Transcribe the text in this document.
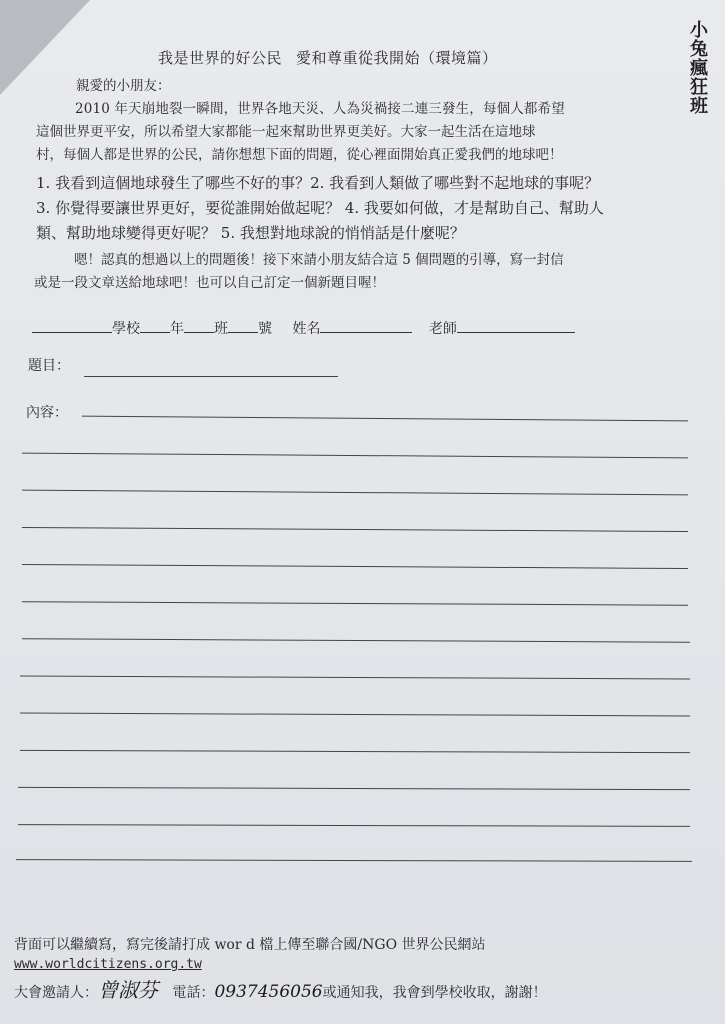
我是世界的好公民 愛和尊重從我開始（環境篇）	小兔瘋狂班
親愛的小朋友：
2010 年天崩地裂一瞬間，世界各地天災、人為災禍接二連三發生，每個人都希望
這個世界更平安，所以希望大家都能一起來幫助世界更美好。大家一起生活在這地球
村，每個人都是世界的公民，請你想想下面的問題，從心裡面開始真正愛我們的地球吧！
1. 我看到這個地球發生了哪些不好的事？2. 我看到人類做了哪些對不起地球的事呢？
3. 你覺得要讓世界更好，要從誰開始做起呢？ 4. 我要如何做，才是幫助自己、幫助人
類、幫助地球變得更好呢？ 5. 我想對地球說的悄悄話是什麼呢？
嗯！認真的想過以上的問題後！接下來請小朋友結合這 5 個問題的引導，寫一封信
或是一段文章送給地球吧！也可以自己訂定一個新題目喔！
學校 年 班 號 姓名	老師
題目：
內容：
背面可以繼續寫，寫完後請打成 wor d 檔上傳至聯合國/NGO 世界公民網站
www.worldcitizens.org.tw
大會邀請人：曾淑芬 電話：0937456056或通知我，我會到學校收取，謝謝！
